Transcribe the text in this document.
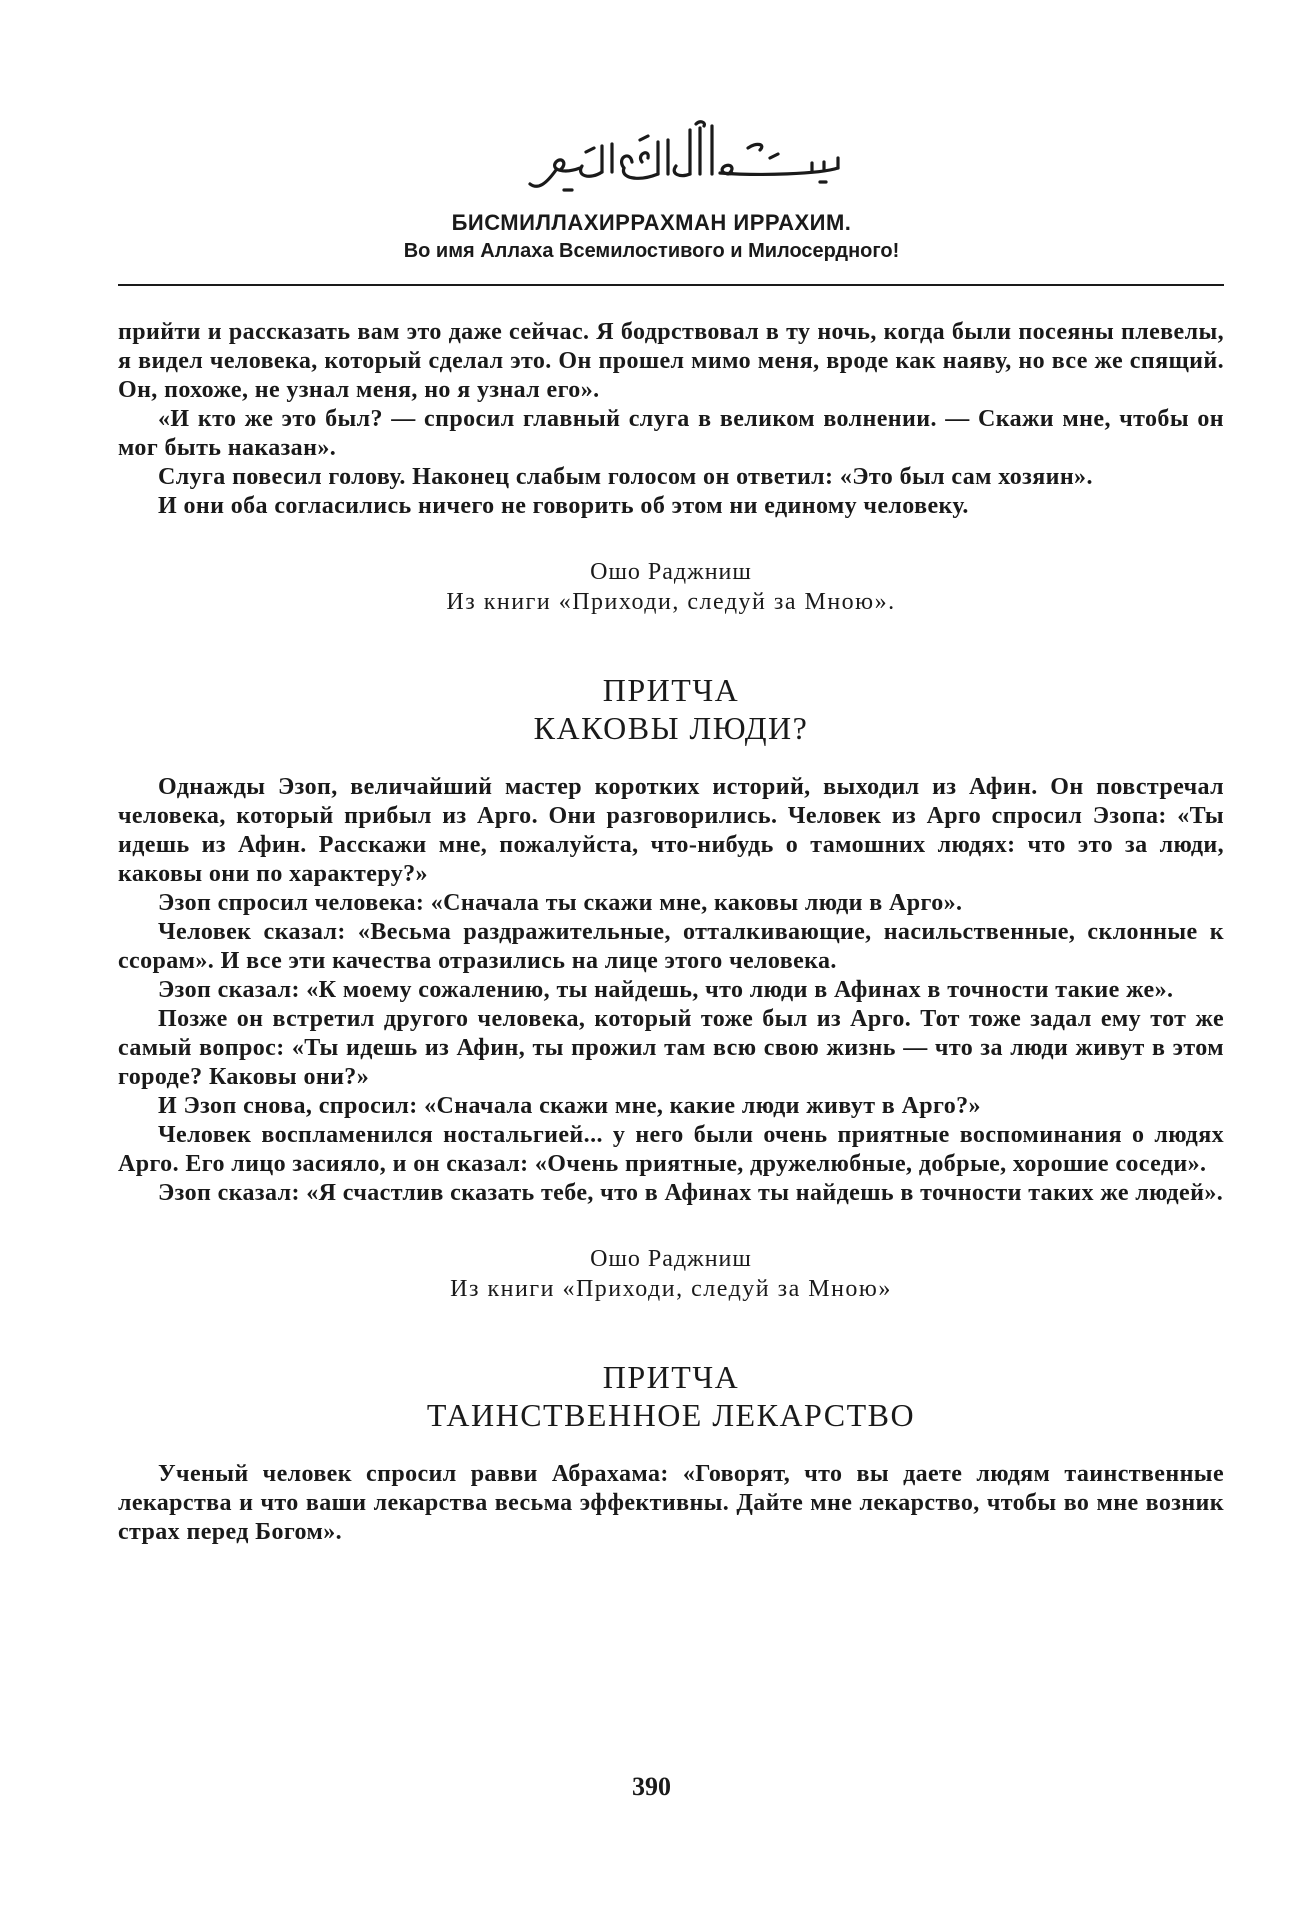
БИСМИЛЛАХИРРАХМАН ИРРАХИМ.
Во имя Аллаха Всемилостивого и Милосердного!

прийти и рассказать вам это даже сейчас. Я бодрствовал в ту ночь, когда были посеяны плевелы, я видел человека, который сделал это. Он прошел мимо меня, вроде как наяву, но все же спящий. Он, похоже, не узнал меня, но я узнал его».

«И кто же это был? — спросил главный слуга в великом волнении. — Скажи мне, чтобы он мог быть наказан».

Слуга повесил голову. Наконец слабым голосом он ответил: «Это был сам хозяин».

И они оба согласились ничего не говорить об этом ни единому человеку.

Ошо Раджниш
Из книги «Приходи, следуй за Мною».
ПРИТЧА
КАКОВЫ ЛЮДИ?

Однажды Эзоп, величайший мастер коротких историй, выходил из Афин. Он повстречал человека, который прибыл из Арго. Они разговорились. Человек из Арго спросил Эзопа: «Ты идешь из Афин. Расскажи мне, пожалуйста, что-нибудь о тамошних людях: что это за люди, каковы они по характеру?»

Эзоп спросил человека: «Сначала ты скажи мне, каковы люди в Арго».

Человек сказал: «Весьма раздражительные, отталкивающие, насильственные, склонные к ссорам». И все эти качества отразились на лице этого человека.

Эзоп сказал: «К моему сожалению, ты найдешь, что люди в Афинах в точности такие же».

Позже он встретил другого человека, который тоже был из Арго. Тот тоже задал ему тот же самый вопрос: «Ты идешь из Афин, ты прожил там всю свою жизнь — что за люди живут в этом городе? Каковы они?»

И Эзоп снова, спросил: «Сначала скажи мне, какие люди живут в Арго?»

Человек воспламенился ностальгией... у него были очень приятные воспоминания о людях Арго. Его лицо засияло, и он сказал: «Очень приятные, дружелюбные, добрые, хорошие соседи».

Эзоп сказал: «Я счастлив сказать тебе, что в Афинах ты найдешь в точности таких же людей».

Ошо Раджниш
Из книги «Приходи, следуй за Мною»
ПРИТЧА
ТАИНСТВЕННОЕ ЛЕКАРСТВО

Ученый человек спросил равви Абрахама: «Говорят, что вы даете людям таинственные лекарства и что ваши лекарства весьма эффективны. Дайте мне лекарство, чтобы во мне возник страх перед Богом».

390
